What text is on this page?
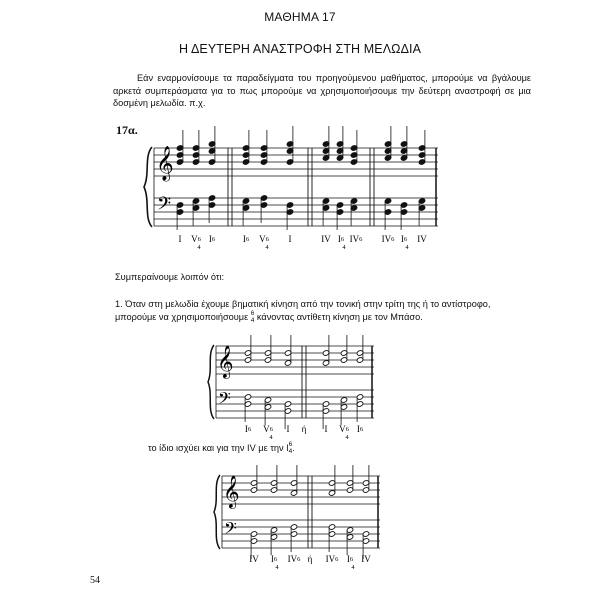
ΜΑΘΗΜΑ 17
Η ΔΕΥΤΕΡΗ ΑΝΑΣΤΡΟΦΗ ΣΤΗ ΜΕΛΩΔΙΑ
Εάν εναρμονίσουμε τα παραδείγματα του προηγούμενου μαθήματος, μπορούμε να βγάλουμε αρκετά συμπεράσματα για το πως μπορούμε να χρησιμοποιήσουμε την δεύτερη αναστροφή σε μια δοσμένη μελωδία. π.χ.
17α.
𝄞
𝄢
I V6
4
I6	I6 V6
4
I	IV I6
4
IV6 IV6 I6
4
IV
Συμπεραίνουμε λοιπόν ότι:
1. Όταν στη μελωδία έχουμε βηματική κίνηση από την τονική στην τρίτη της ή το αντίστροφο, μπορούμε να χρησιμοποιήσουμε 6
4 κάνοντας αντίθετη κίνηση με τον Μπάσο.
𝄞
𝄢
I6 V6
4
I ή I V6
4
I6
το ίδιο ισχύει και για την IV με την I6
4.
𝄞
𝄢
IV I6
4
IV6 ή IV6 I6
4
IV
54
